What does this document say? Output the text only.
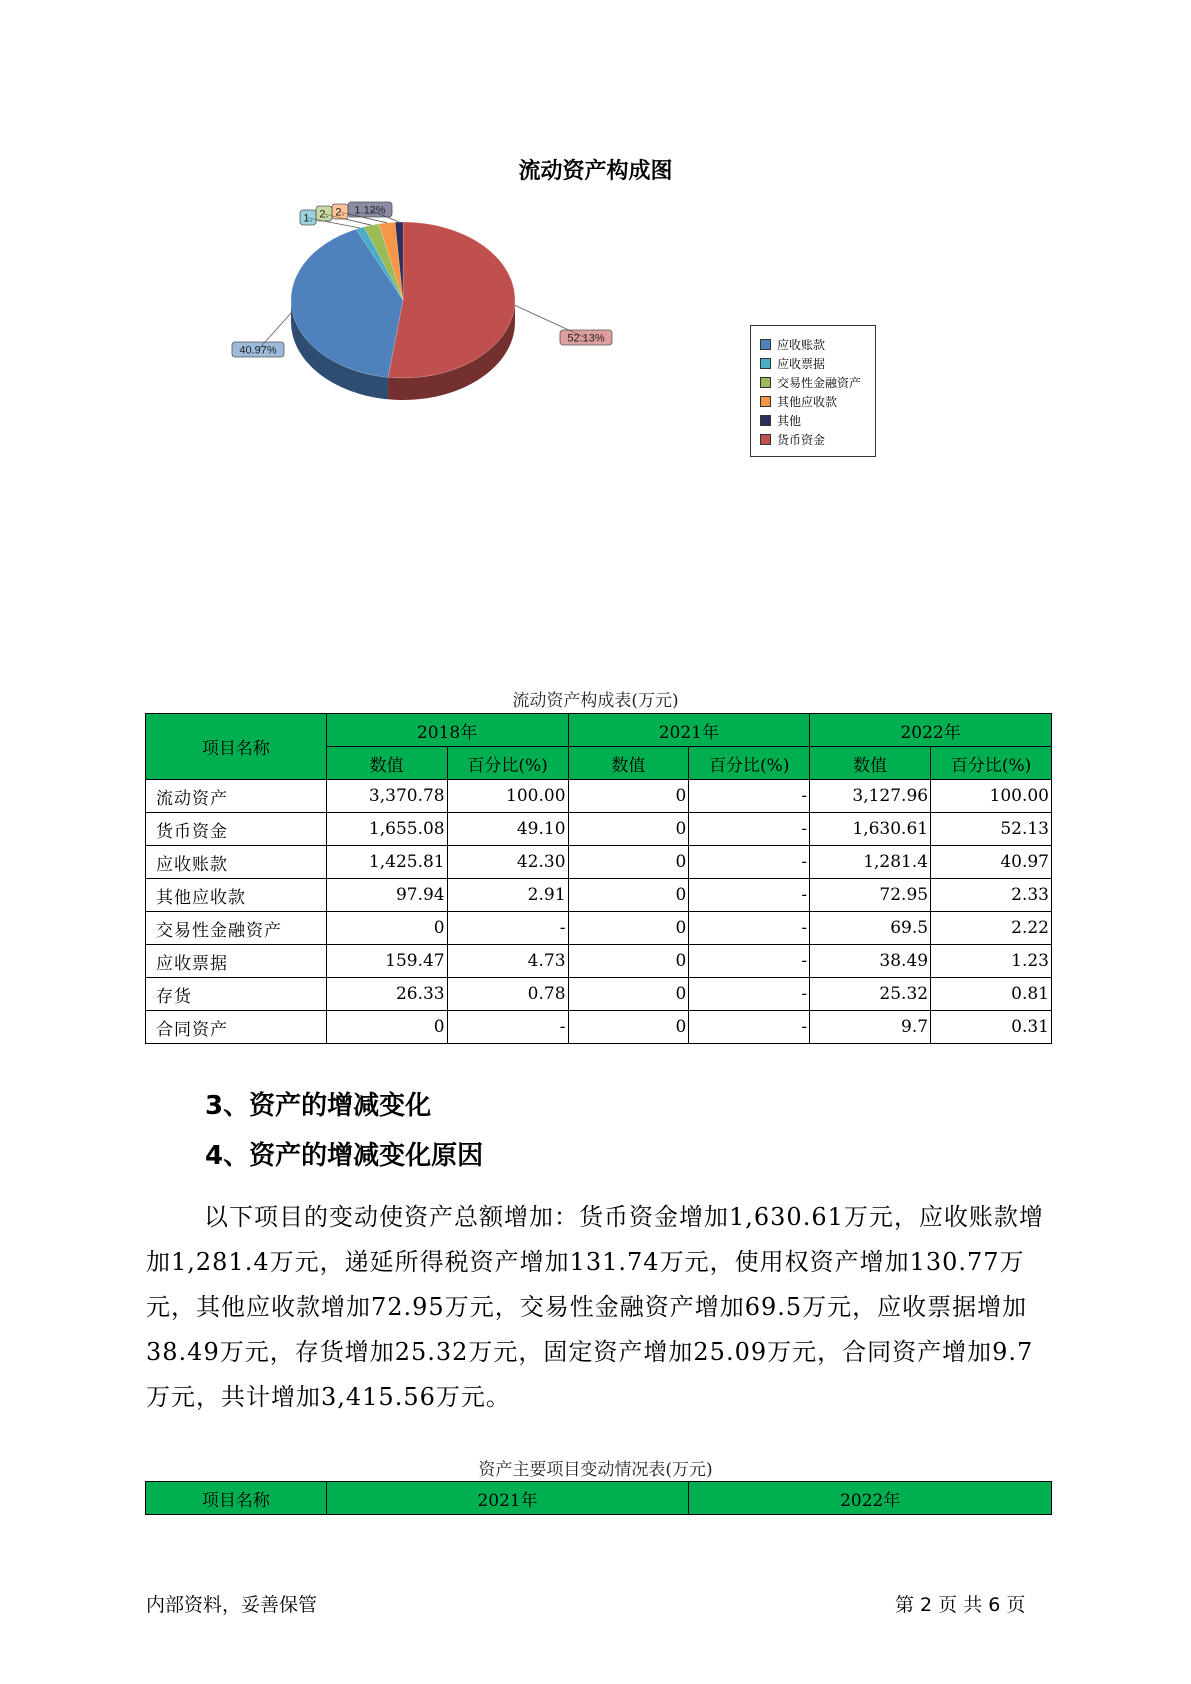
流动资产构成图
52.13%
40.97%
1. 2. 2. 1.12%
应收账款
应收票据
交易性金融资产
其他应收款
其他
货币资金
流动资产构成表(万元)
项目名称	2018年		2021年		2022年	
	数值	百分比(%)	数值	百分比(%)	数值	百分比(%)
流动资产	3,370.78	100.00	0	-	3,127.96	100.00
货币资金	1,655.08	49.10	0	-	1,630.61	52.13
应收账款	1,425.81	42.30	0	-	1,281.4	40.97
其他应收款	97.94	2.91	0	-	72.95	2.33
交易性金融资产	0	-	0	-	69.5	2.22
应收票据	159.47	4.73	0	-	38.49	1.23
存货	26.33	0.78	0	-	25.32	0.81
合同资产	0	-	0	-	9.7	0.31
3、资产的增减变化
4、资产的增减变化原因
以下项目的变动使资产总额增加：货币资金增加1,630.61万元，应收账款增加1,281.4万元，递延所得税资产增加131.74万元，使用权资产增加130.77万元，其他应收款增加72.95万元，交易性金融资产增加69.5万元，应收票据增加38.49万元，存货增加25.32万元，固定资产增加25.09万元，合同资产增加9.7万元，共计增加3,415.56万元。
资产主要项目变动情况表(万元)
项目名称	2021年	2022年
内部资料，妥善保管	第 2 页 共 6 页
